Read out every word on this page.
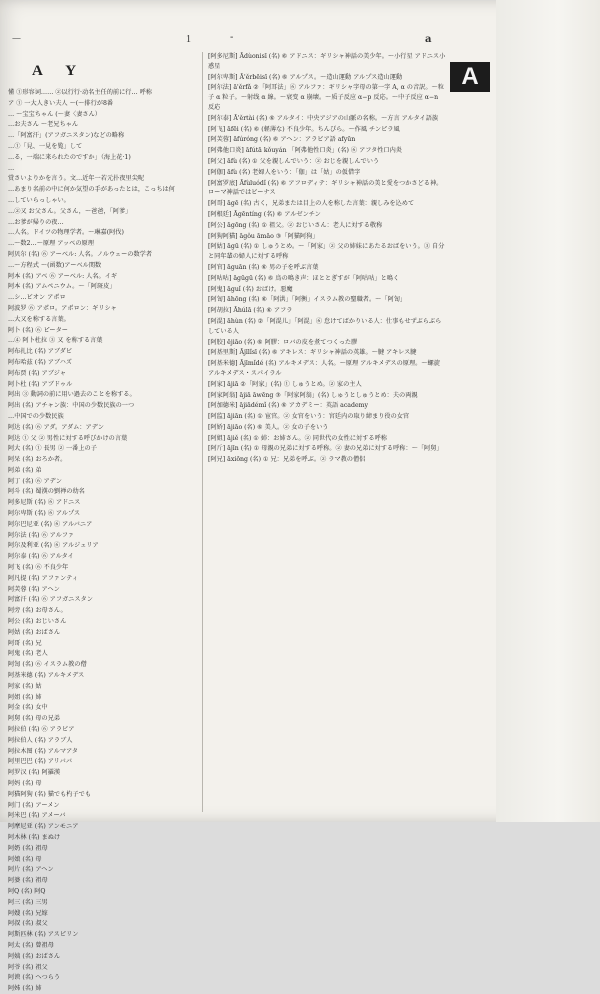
—	1	-	a
A Y
懂 ①形容词…… ②以行行·动名主任的前に行… 呼称
ア ① 一大人きい夫人 〜(〜排行が8番
… 〜宝宝ちゃん (〜妻〈妻さん）
…お夫さん 〜老兄ちゃん
…「阿富汗」(アフガニスタン)などの略称
…①「見、一見を覧」して
…る，一端に来られたのですか」（海上花·1)
…
赏さいよりかを言う。文…近年一若元扑夜里尖呢
…あまり名前の中に何か気望の手があったとは，こっちは何
…していらっしゃい。
…②又 お父さん。父さん，〜爸爸，「阿爹」
…お爹が帰りの夜…
…人名。ドイツの物理学者。〜琳嘉(阿伐)
…〜数2…〜原理 アッベの原理
阿贝尔 (名) ⑥ アーベル: 人名。ノルウェーの数学者
…〜方程式 〜(函数)アーベル関数
阿本 (名) アベ ⑥ アーベル: 人名。イギ
阿本 (名) アムペニウム。〜「阿斑皮」
…シ…ビオン アポロ
阿波罗 ⑥ アポロ。アポロン：ギリシャ
…大又を称する言葉。
阿卜 (名) ⑥ ピーター
…④ 阿卜杜拉 ③ 又 を称する言葉
阿布扎比 (名) アブダビ
阿布哈兹 (名) アブハズ
阿布贾 (名) アブジャ
阿卜杜 (名) アブドゥル
阿出 ③ 動詞の前に用い過去のことを称する。
阿出 (名) アチャン族：中国の少数民族の一つ
…中国での少数民族
阿达 (名) ⑥ アダ。アダム：アデン
阿达 ① 父 ② 男性に対する呼びかけの言葉
阿大 (名) ① 長男 ② 一番上の子
阿呆 (名) おろか者。
阿弟 (名) 弟
阿丁 (名) ⑥ アデン
阿斗 (名) 蜀漢の劉禅の幼名
阿多尼斯 (名) ⑥ アドニス
阿尔卑斯 (名) ⑥ アルプス
阿尔巴尼亚 (名) ⑥ アルバニア
阿尔法 (名) ⑥ アルファ
阿尔及利亚 (名) ⑥ アルジェリア
阿尔泰 (名) ⑥ アルタイ
阿飞 (名) ⑥ 不良少年
阿凡提 (名) アファンティ
阿芙蓉 (名) アヘン
阿富汗 (名) ⑥ アフガニスタン
阿旁 (名) お母さん。
阿公 (名) おじいさん
阿姑 (名) おばさん
阿哥 (名) 兄
阿鬼 (名) 老人
阿訇 (名) ⑥ イスラム教の僧
阿基米德 (名) アルキメデス
阿家 (名) 姑
阿姐 (名) 姉
阿金 (名) 女中
阿舅 (名) 母の兄弟
阿拉伯 (名) ⑥ アラビア
阿拉伯人 (名) アラブ人
阿拉木图 (名) アルマアタ
阿里巴巴 (名) アリババ
阿罗汉 (名) 阿羅漢
阿妈 (名) 母
阿猫阿狗 (名) 猫でも杓子でも
阿门 (名) アーメン
阿米巴 (名) アメーバ
阿摩尼亚 (名) アンモニア
阿木林 (名) まぬけ
阿奶 (名) 祖母
阿娘 (名) 母
阿片 (名) アヘン
阿婆 (名) 祖母
阿Q (名) 阿Q
阿三 (名) 三男
阿嫂 (名) 兄嫁
阿叔 (名) 叔父
阿斯匹林 (名) アスピリン
阿太 (名) 曾祖母
阿姨 (名) おばさん
阿爷 (名) 祖父
阿谀 (名) へつらう
阿姊 (名) 姉
[阿多尼斯] Ādùonisī (名) ⑥ アドニス：ギリシャ神話の美少年。〜小行星 アドニス小惑星
[阿尔卑斯] Ā'ěrbēisī (名) ⑥ アルプス。〜造山運動 アルプス造山運動
[阿尔法] ā'ěrfǎ ②「阿耳法」⑥ アルファ：ギリシャ字母の第一字 A, α の音訳。〜粒子 α 粒子。〜射线 α 線。〜衰变 α 崩壊。〜质子反应 α−p 反応。〜中子反应 α−n 反応
[阿尔泰] Ā'ěrtài (名) ⑥ アルタイ：中央アジアの山脈の名称。〜方言 アルタイ語族
[阿飞] āfēi (名) ⑥ (軽薄な) 不良少年。ちんぴら。〜作風 チンピラ風
[阿芙蓉] āfúróng (名) ⑥ アヘン：アラビア語 afyūn
[阿弗他口炎] āfútā kǒuyán 「阿弗他性口炎」(名) ⑥ アフタ性口内炎
[阿父] āfù (名) ① 父を親しんでいう：② おじを親しんでいう
[阿伽] āfù (名) 老婦人をいう：「伽」は「姑」の仮借字
[阿富罗底] Āfùluódǐ (名) ⑥ アフロディテ：ギリシャ神話の美と愛をつかさどる神。ローマ神話ではビーナス
[阿哥] āgē (名) 古く，兄弟または目上の人を称した言葉：親しみを込めて
[阿根廷] Āgēntíng (名) ⑥ アルゼンチン
[阿公] āgōng (名) ① 祖父。② おじいさん：老人に対する敬称
[阿狗阿猫] āgǒu āmāo ③「阿猫阿狗」
[阿姑] āgū (名) ① しゅうとめ。〜「阿家」② 父の姉妹にあたるおばをいう。③ 自分と同年輩の婦人に対する呼称
[阿官] āguān (名) ⑥ 男の子を呼ぶ言葉
[阿咕咕] āgūgū (名) ⑥ 鳥の鳴き声：ほととぎすが「阿咕咕」と鳴く
[阿鬼] āguǐ (名) おばけ。悪魔
[阿訇] āhōng (名) ⑥「阿洪」「阿衡」イスラム教の聖職者。〜「阿訇」
[阿胡拉] Āhúlā (名) ⑥ アフラ
[阿混] āhùn (名) ②「阿混儿」「阿混」⑥ 怠けてばかりいる人：仕事もせずぶらぶらしている人
[阿胶] ējiāo (名) ⑥ 阿膠：ロバの皮を煮てつくった膠
[阿基里斯] Ājīlǐsī (名) ⑥ アキレス：ギリシャ神話の英雄。〜腱 アキレス腱
[阿基米德] Ājīmǐdé (名) アルキメデス：人名。〜原理 アルキメデスの原理。〜螺旋 アルキメデス・スパイラル
[阿家] ājiā ②「阿家」(名) ① しゅうとめ。② 家の主人
[阿家阿翁] ājiā āwēng ③「阿家阿翁」(名) しゅうとしゅうとめ：夫の両親
[阿加德米] ājiādémǐ (名) ⑥ アカデミー：英語 academy
[阿监] ājiān (名) ① 宦官。② 女官をいう：宮廷内の取り締まり役の女官
[阿娇] ājiāo (名) ⑥ 美人。② 女の子をいう
[阿姐] ājiě (名) ① 姉：お姉さん。② 同世代の女性に対する呼称
[阿斤] ājīn (名) ① 母親の兄弟に対する呼称。② 妻の兄弟に対する呼称：〜「阿舅」
[阿兄] āxiōng (名) ① 兄：兄弟を呼ぶ。② ラマ教の僧侶
A
